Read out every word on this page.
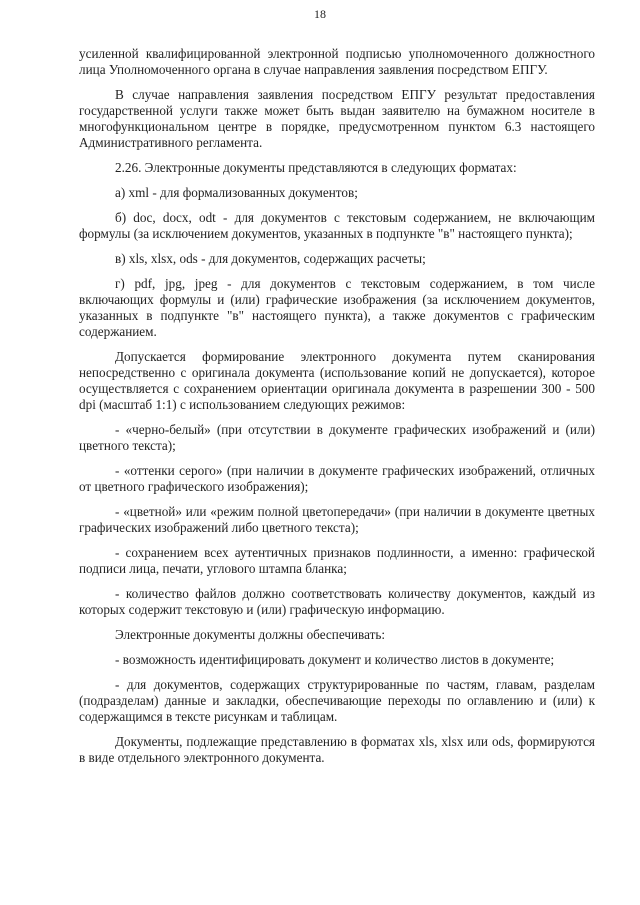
18

усиленной квалифицированной электронной подписью уполномоченного должностного лица Уполномоченного органа в случае направления заявления посредством ЕПГУ.

В случае направления заявления посредством ЕПГУ результат предоставления государственной услуги также может быть выдан заявителю на бумажном носителе в многофункциональном центре в порядке, предусмотренном пунктом 6.3 настоящего Административного регламента.

2.26. Электронные документы представляются в следующих форматах:

а) xml - для формализованных документов;

б) doc, docx, odt - для документов с текстовым содержанием, не включающим формулы (за исключением документов, указанных в подпункте "в" настоящего пункта);

в) xls, xlsx, ods - для документов, содержащих расчеты;

г) pdf, jpg, jpeg - для документов с текстовым содержанием, в том числе включающих формулы и (или) графические изображения (за исключением документов, указанных в подпункте "в" настоящего пункта), а также документов с графическим содержанием.

Допускается формирование электронного документа путем сканирования непосредственно с оригинала документа (использование копий не допускается), которое осуществляется с сохранением ориентации оригинала документа в разрешении 300 - 500 dpi (масштаб 1:1) с использованием следующих режимов:

- «черно-белый» (при отсутствии в документе графических изображений и (или) цветного текста);

- «оттенки серого» (при наличии в документе графических изображений, отличных от цветного графического изображения);

- «цветной» или «режим полной цветопередачи» (при наличии в документе цветных графических изображений либо цветного текста);

- сохранением всех аутентичных признаков подлинности, а именно: графической подписи лица, печати, углового штампа бланка;

- количество файлов должно соответствовать количеству документов, каждый из которых содержит текстовую и (или) графическую информацию.

Электронные документы должны обеспечивать:

- возможность идентифицировать документ и количество листов в документе;

- для документов, содержащих структурированные по частям, главам, разделам (подразделам) данные и закладки, обеспечивающие переходы по оглавлению и (или) к содержащимся в тексте рисункам и таблицам.

Документы, подлежащие представлению в форматах xls, xlsx или ods, формируются в виде отдельного электронного документа.
